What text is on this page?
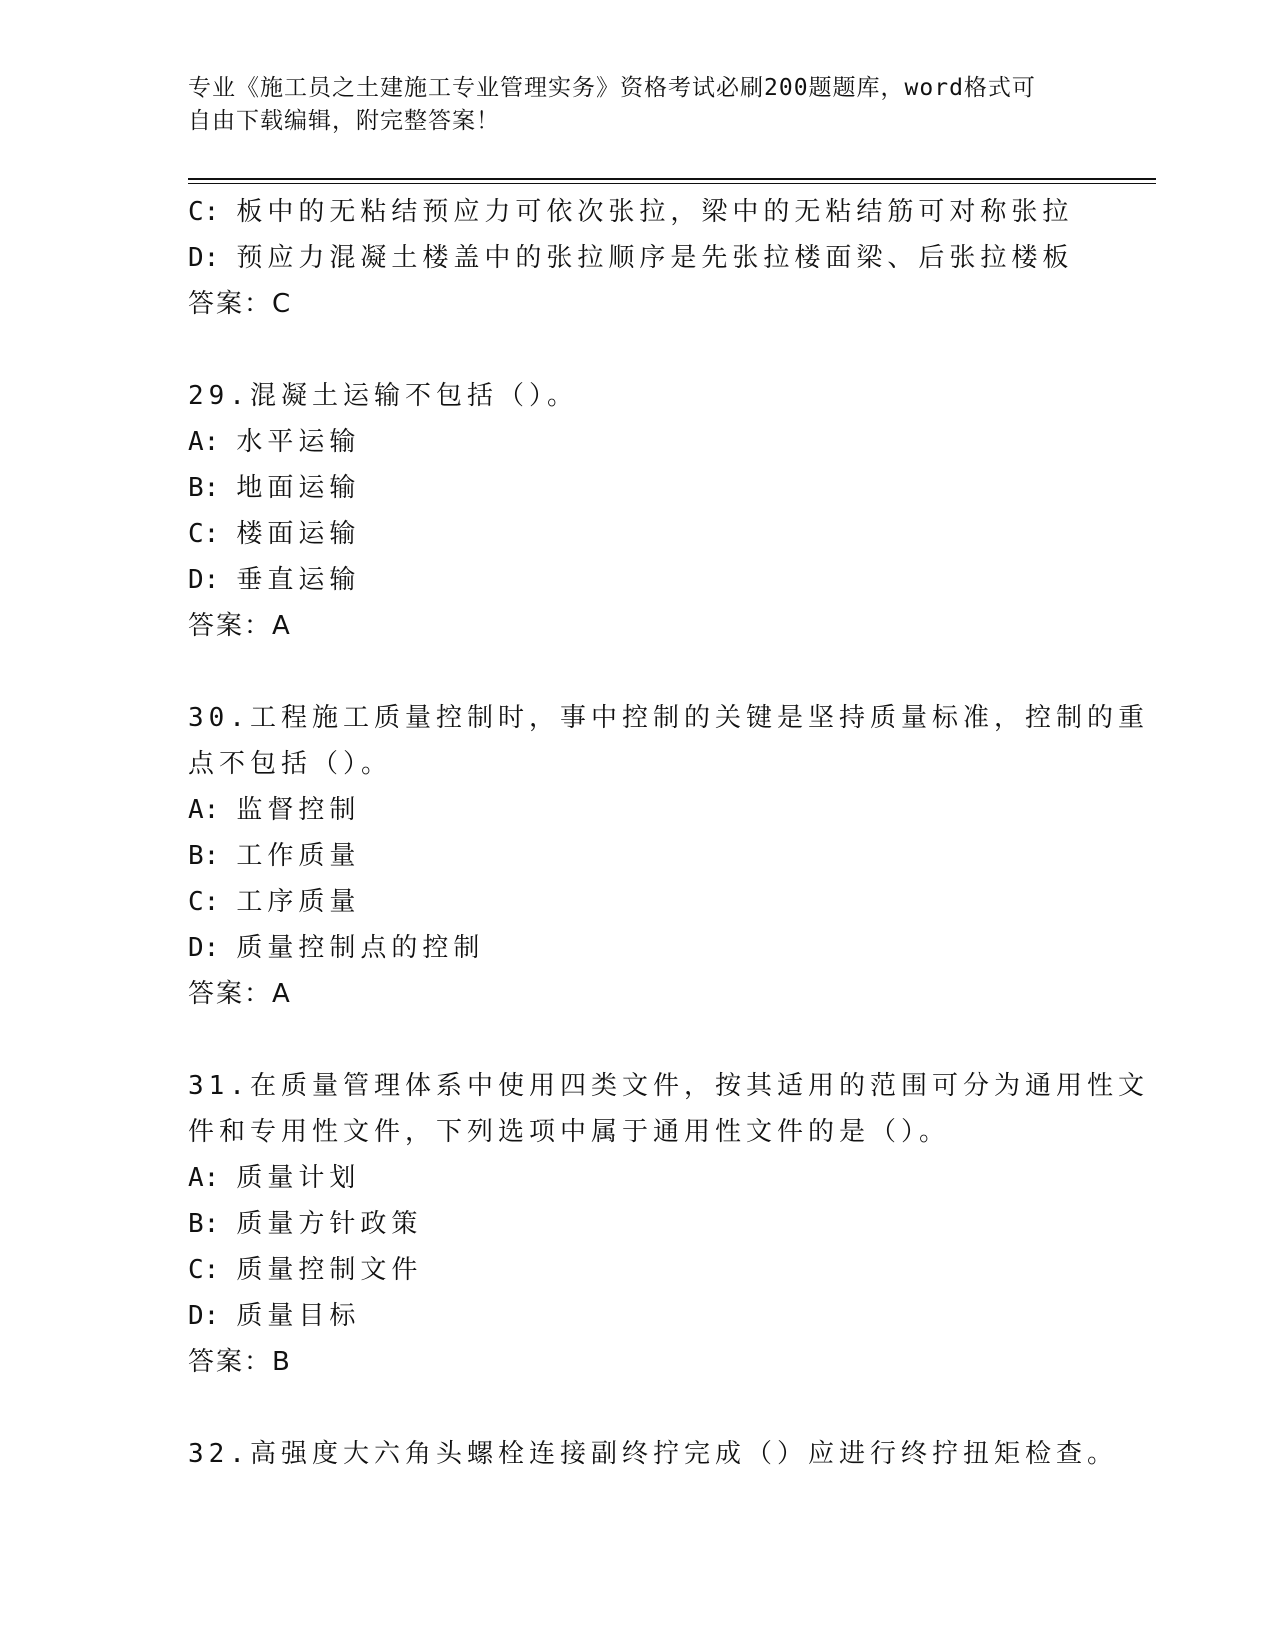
专业《施工员之土建施工专业管理实务》资格考试必刷200题题库，word格式可
自由下载编辑，附完整答案！
C: 板中的无粘结预应力可依次张拉，梁中的无粘结筋可对称张拉
D: 预应力混凝土楼盖中的张拉顺序是先张拉楼面梁、后张拉楼板
答案：C
29.混凝土运输不包括（）。
A: 水平运输
B: 地面运输
C: 楼面运输
D: 垂直运输
答案：A
30.工程施工质量控制时，事中控制的关键是坚持质量标准，控制的重
点不包括（）。
A: 监督控制
B: 工作质量
C: 工序质量
D: 质量控制点的控制
答案：A
31.在质量管理体系中使用四类文件，按其适用的范围可分为通用性文
件和专用性文件，下列选项中属于通用性文件的是（）。
A: 质量计划
B: 质量方针政策
C: 质量控制文件
D: 质量目标
答案：B
32.高强度大六角头螺栓连接副终拧完成（）应进行终拧扭矩检查。
